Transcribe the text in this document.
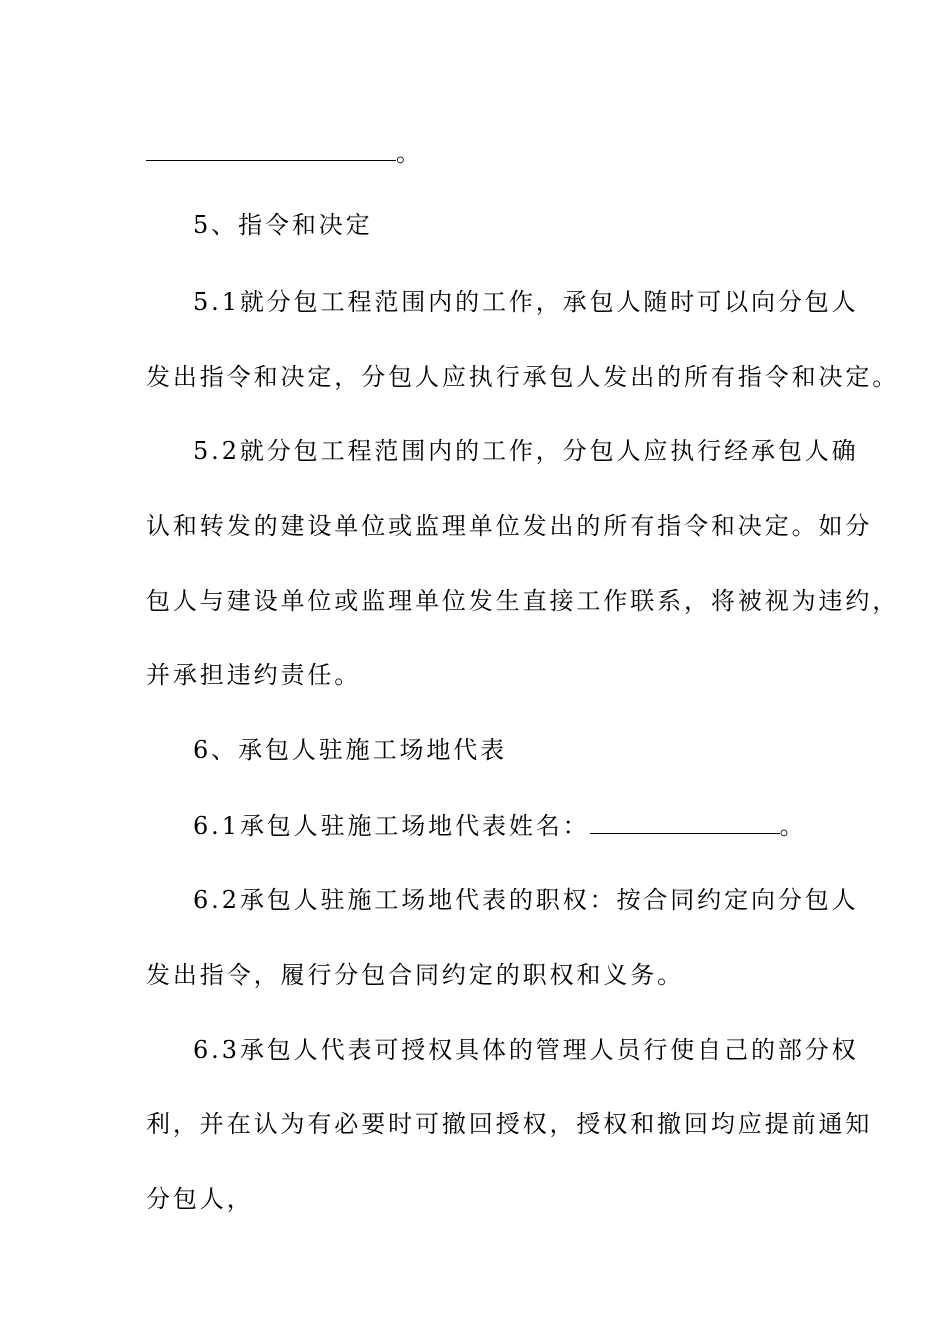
。
5、指令和决定
5.1就分包工程范围内的工作，承包人随时可以向分包人
发出指令和决定，分包人应执行承包人发出的所有指令和决定。
5.2就分包工程范围内的工作，分包人应执行经承包人确
认和转发的建设单位或监理单位发出的所有指令和决定。如分
包人与建设单位或监理单位发生直接工作联系，将被视为违约，
并承担违约责任。
6、承包人驻施工场地代表
6.1承包人驻施工场地代表姓名：	。
6.2承包人驻施工场地代表的职权：按合同约定向分包人
发出指令，履行分包合同约定的职权和义务。
6.3承包人代表可授权具体的管理人员行使自己的部分权
利，并在认为有必要时可撤回授权，授权和撤回均应提前通知
分包人，
